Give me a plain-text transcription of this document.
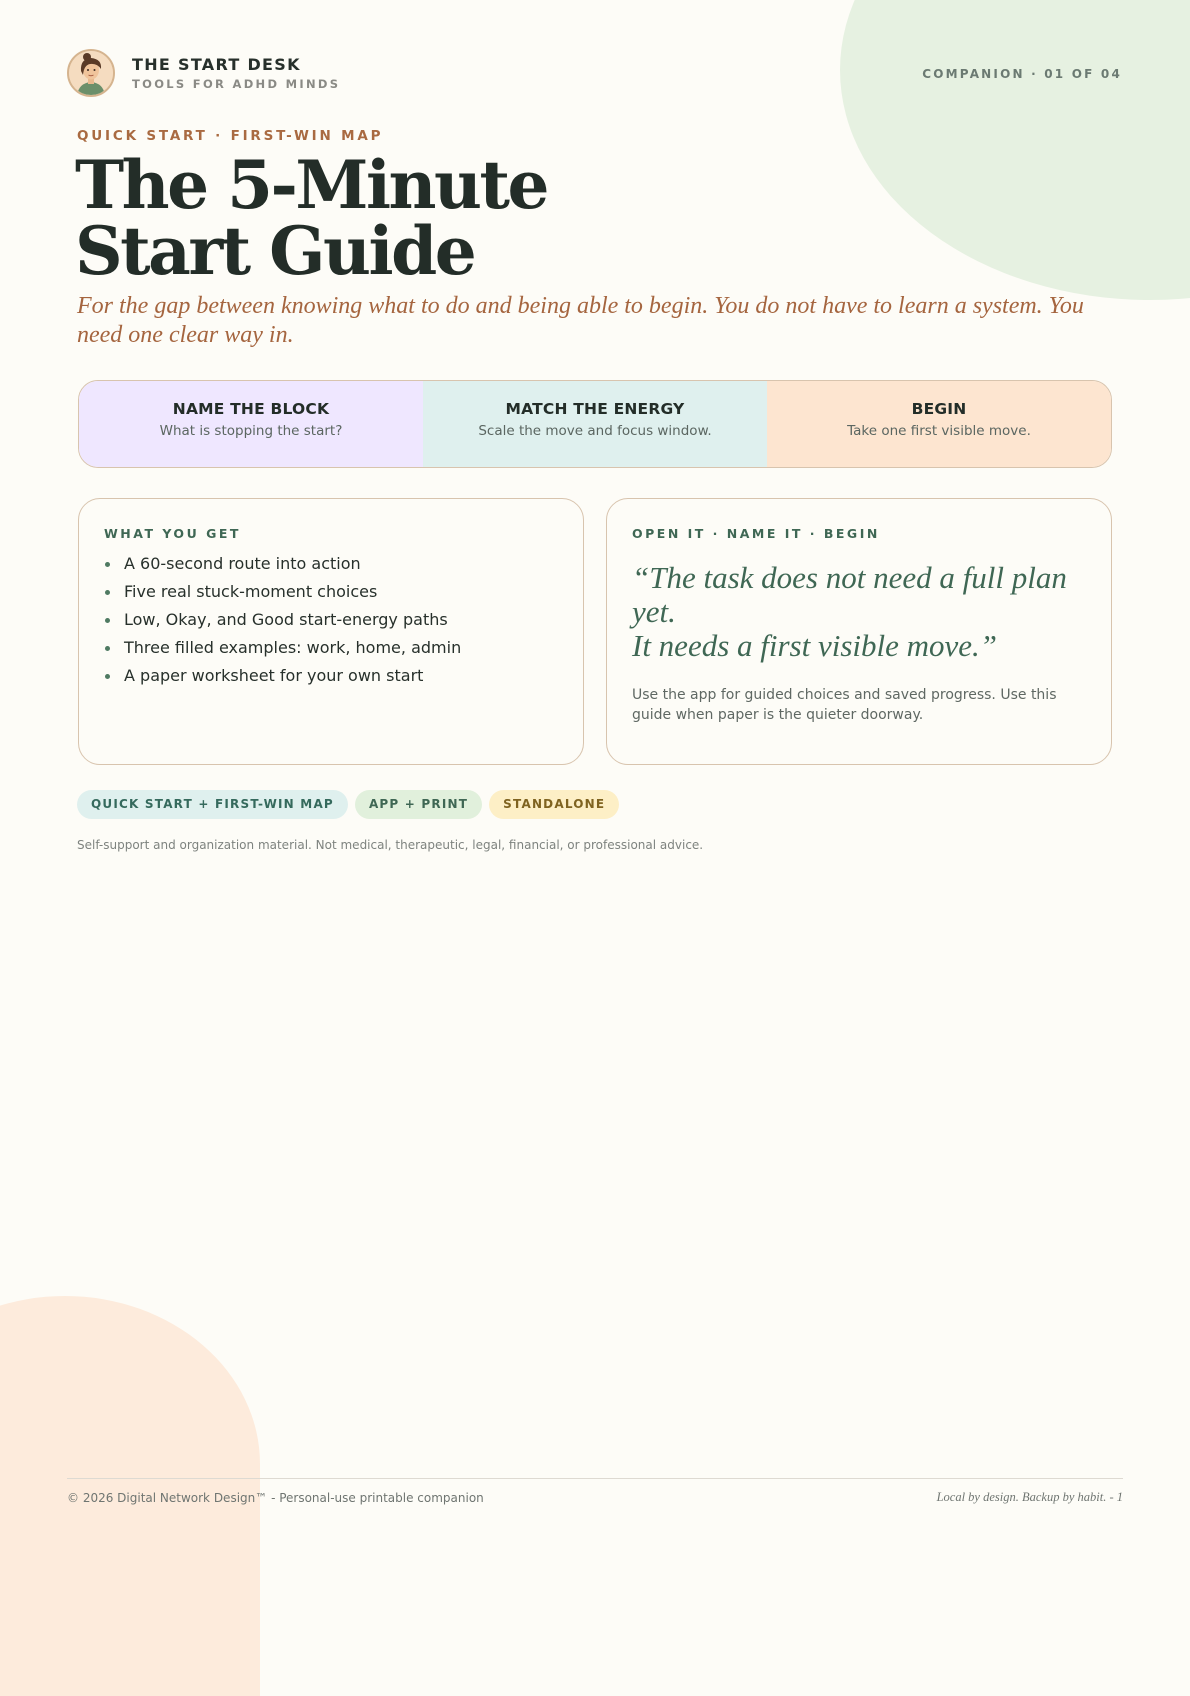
THE START DESK
TOOLS FOR ADHD MINDS
COMPANION · 01 OF 04
QUICK START · FIRST-WIN MAP
The 5-Minute
Start Guide
For the gap between knowing what to do and being able to begin. You do not have to learn a system. You need one clear way in.
NAME THE BLOCK
What is stopping the start?
MATCH THE ENERGY
Scale the move and focus window.
BEGIN
Take one first visible move.
WHAT YOU GET
A 60-second route into action
Five real stuck-moment choices
Low, Okay, and Good start-energy paths
Three filled examples: work, home, admin
A paper worksheet for your own start
OPEN IT · NAME IT · BEGIN
“The task does not need a full plan yet.
It needs a first visible move.”
Use the app for guided choices and saved progress. Use this guide when paper is the quieter doorway.
QUICK START + FIRST-WIN MAP	APP + PRINT	STANDALONE
Self-support and organization material. Not medical, therapeutic, legal, financial, or professional advice.
© 2026 Digital Network Design™ - Personal-use printable companion	Local by design. Backup by habit. - 1
